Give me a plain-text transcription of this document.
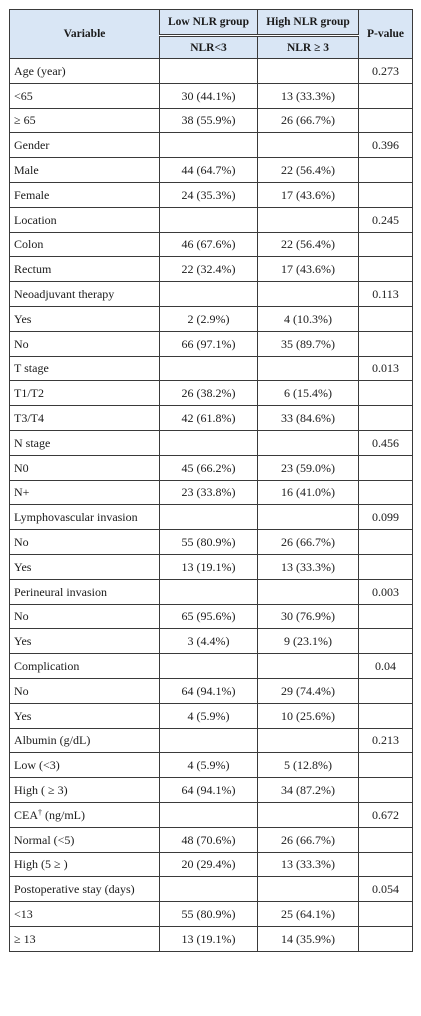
Variable	Low NLR group	High NLR group	P-value
	NLR<3	NLR ≥ 3	
Age (year)			0.273
<65	30 (44.1%)	13 (33.3%)	
≥ 65	38 (55.9%)	26 (66.7%)	
Gender			0.396
Male	44 (64.7%)	22 (56.4%)	
Female	24 (35.3%)	17 (43.6%)	
Location			0.245
Colon	46 (67.6%)	22 (56.4%)	
Rectum	22 (32.4%)	17 (43.6%)	
Neoadjuvant therapy			0.113
Yes	2 (2.9%)	4 (10.3%)	
No	66 (97.1%)	35 (89.7%)	
T stage			0.013
T1/T2	26 (38.2%)	6 (15.4%)	
T3/T4	42 (61.8%)	33 (84.6%)	
N stage			0.456
N0	45 (66.2%)	23 (59.0%)	
N+	23 (33.8%)	16 (41.0%)	
Lymphovascular invasion			0.099
No	55 (80.9%)	26 (66.7%)	
Yes	13 (19.1%)	13 (33.3%)	
Perineural invasion			0.003
No	65 (95.6%)	30 (76.9%)	
Yes	3 (4.4%)	9 (23.1%)	
Complication			0.04
No	64 (94.1%)	29 (74.4%)	
Yes	4 (5.9%)	10 (25.6%)	
Albumin (g/dL)			0.213
Low (<3)	4 (5.9%)	5 (12.8%)	
High ( ≥ 3)	64 (94.1%)	34 (87.2%)	
CEA† (ng/mL)			0.672
Normal (<5)	48 (70.6%)	26 (66.7%)	
High (5 ≥ )	20 (29.4%)	13 (33.3%)	
Postoperative stay (days)			0.054
<13	55 (80.9%)	25 (64.1%)	
≥ 13	13 (19.1%)	14 (35.9%)	
